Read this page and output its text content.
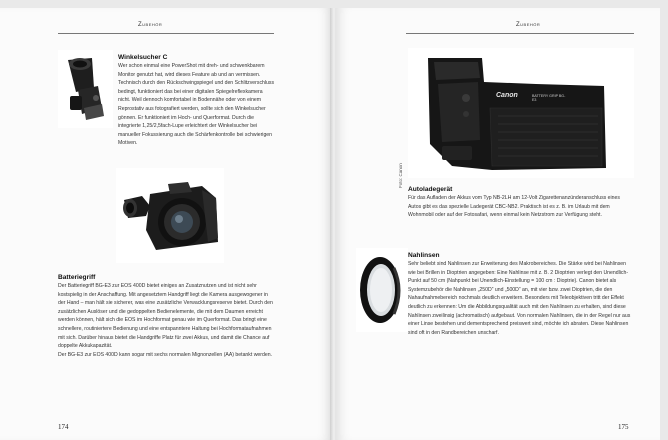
Zubehör
Winkelsucher C

Wer schon einmal eine PowerShot mit dreh- und schwenkbarem Monitor genutzt hat, wird dieses Feature ab und an vermissen. Technisch durch den Rückschwingspiegel und den Schlitzverschluss bedingt, funktioniert das bei einer digitalen Spiegelreflexkamera nicht. Weil dennoch komfortabel in Bodennähe oder von einem Reprostativ aus fotografiert werden, sollte sich den Winkelsucher gönnen. Er funktioniert im Hoch- und Querformat. Durch die integrierte 1,25/2,5fach-Lupe erleichtert der Winkelsucher bei manueller Fokussierung auch die Schärfenkontrolle bei schwierigen Motiven.

Batteriegriff

Der Batteriegriff BG-E3 zur EOS 400D bietet einiges an Zusatznutzen und ist nicht sehr kostspielig in der Anschaffung. Mit angesetztem Handgriff liegt die Kamera ausgewogener in der Hand – man hält sie sicherer, was eine zusätzliche Verwacklungsreserve bietet. Durch den zusätzlichen Auslöser und die gedoppelten Bedienelemente, die mit dem Daumen erreicht werden können, hält sich die EOS im Hochformat genau wie im Querformat. Das bringt eine schnellere, routiniertere Bedienung und eine entspanntere Haltung bei Hochformataufnahmen mit sich. Darüber hinaus bietet die Handgriffe Platz für zwei Akkus, und damit die Chance auf doppelte Akkukapazität.
Der BG-E3 zur EOS 400D kann sogar mit sechs normalen Mignonzellen (AA) betankt werden.

174
Zubehör
Canon	BATTERY GRIP BG-E3
Foto: Canon
Autoladegerät

Für das Aufladen der Akkus vom Typ NB-2LH am 12-Volt Zigarettenanzünderanschluss eines Autos gibt es das spezielle Ladegerät CBC-NB2. Praktisch ist es z. B. im Urlaub mit dem Wohnmobil oder auf der Fotosafari, wenn einmal kein Netzstrom zur Verfügung steht.

Nahlinsen

Sehr beliebt sind Nahlinsen zur Erweiterung des Makrobereiches. Die Stärke wird bei Nahlinsen wie bei Brillen in Dioptrien angegeben: Eine Nahlinse mit z. B. 2 Dioptrien verlegt den Unendlich-Punkt auf 50 cm (Nahpunkt bei Unendlich-Einstellung = 100 cm : Dioptrie). Canon bietet als Systemzubehör die Nahlinsen „250D“ und „500D“ an, mit vier bzw. zwei Dioptrien, die den Nahaufnahmebereich nochmals deutlich erweitern. Besonders mit Teleobjektiven tritt der Effekt deutlich zu erkennen: Um die Abbildungsqualität auch mit den Nahlinsen zu erhalten, sind diese Nahlinsen zweilinsig (achromatisch) aufgebaut. Von normalen Nahlinsen, die in der Regel nur aus einer Linse bestehen und dementsprechend preiswert sind, möchte ich abraten. Diese Nahlinsen sind oft in den Randbereichen unscharf.

175
